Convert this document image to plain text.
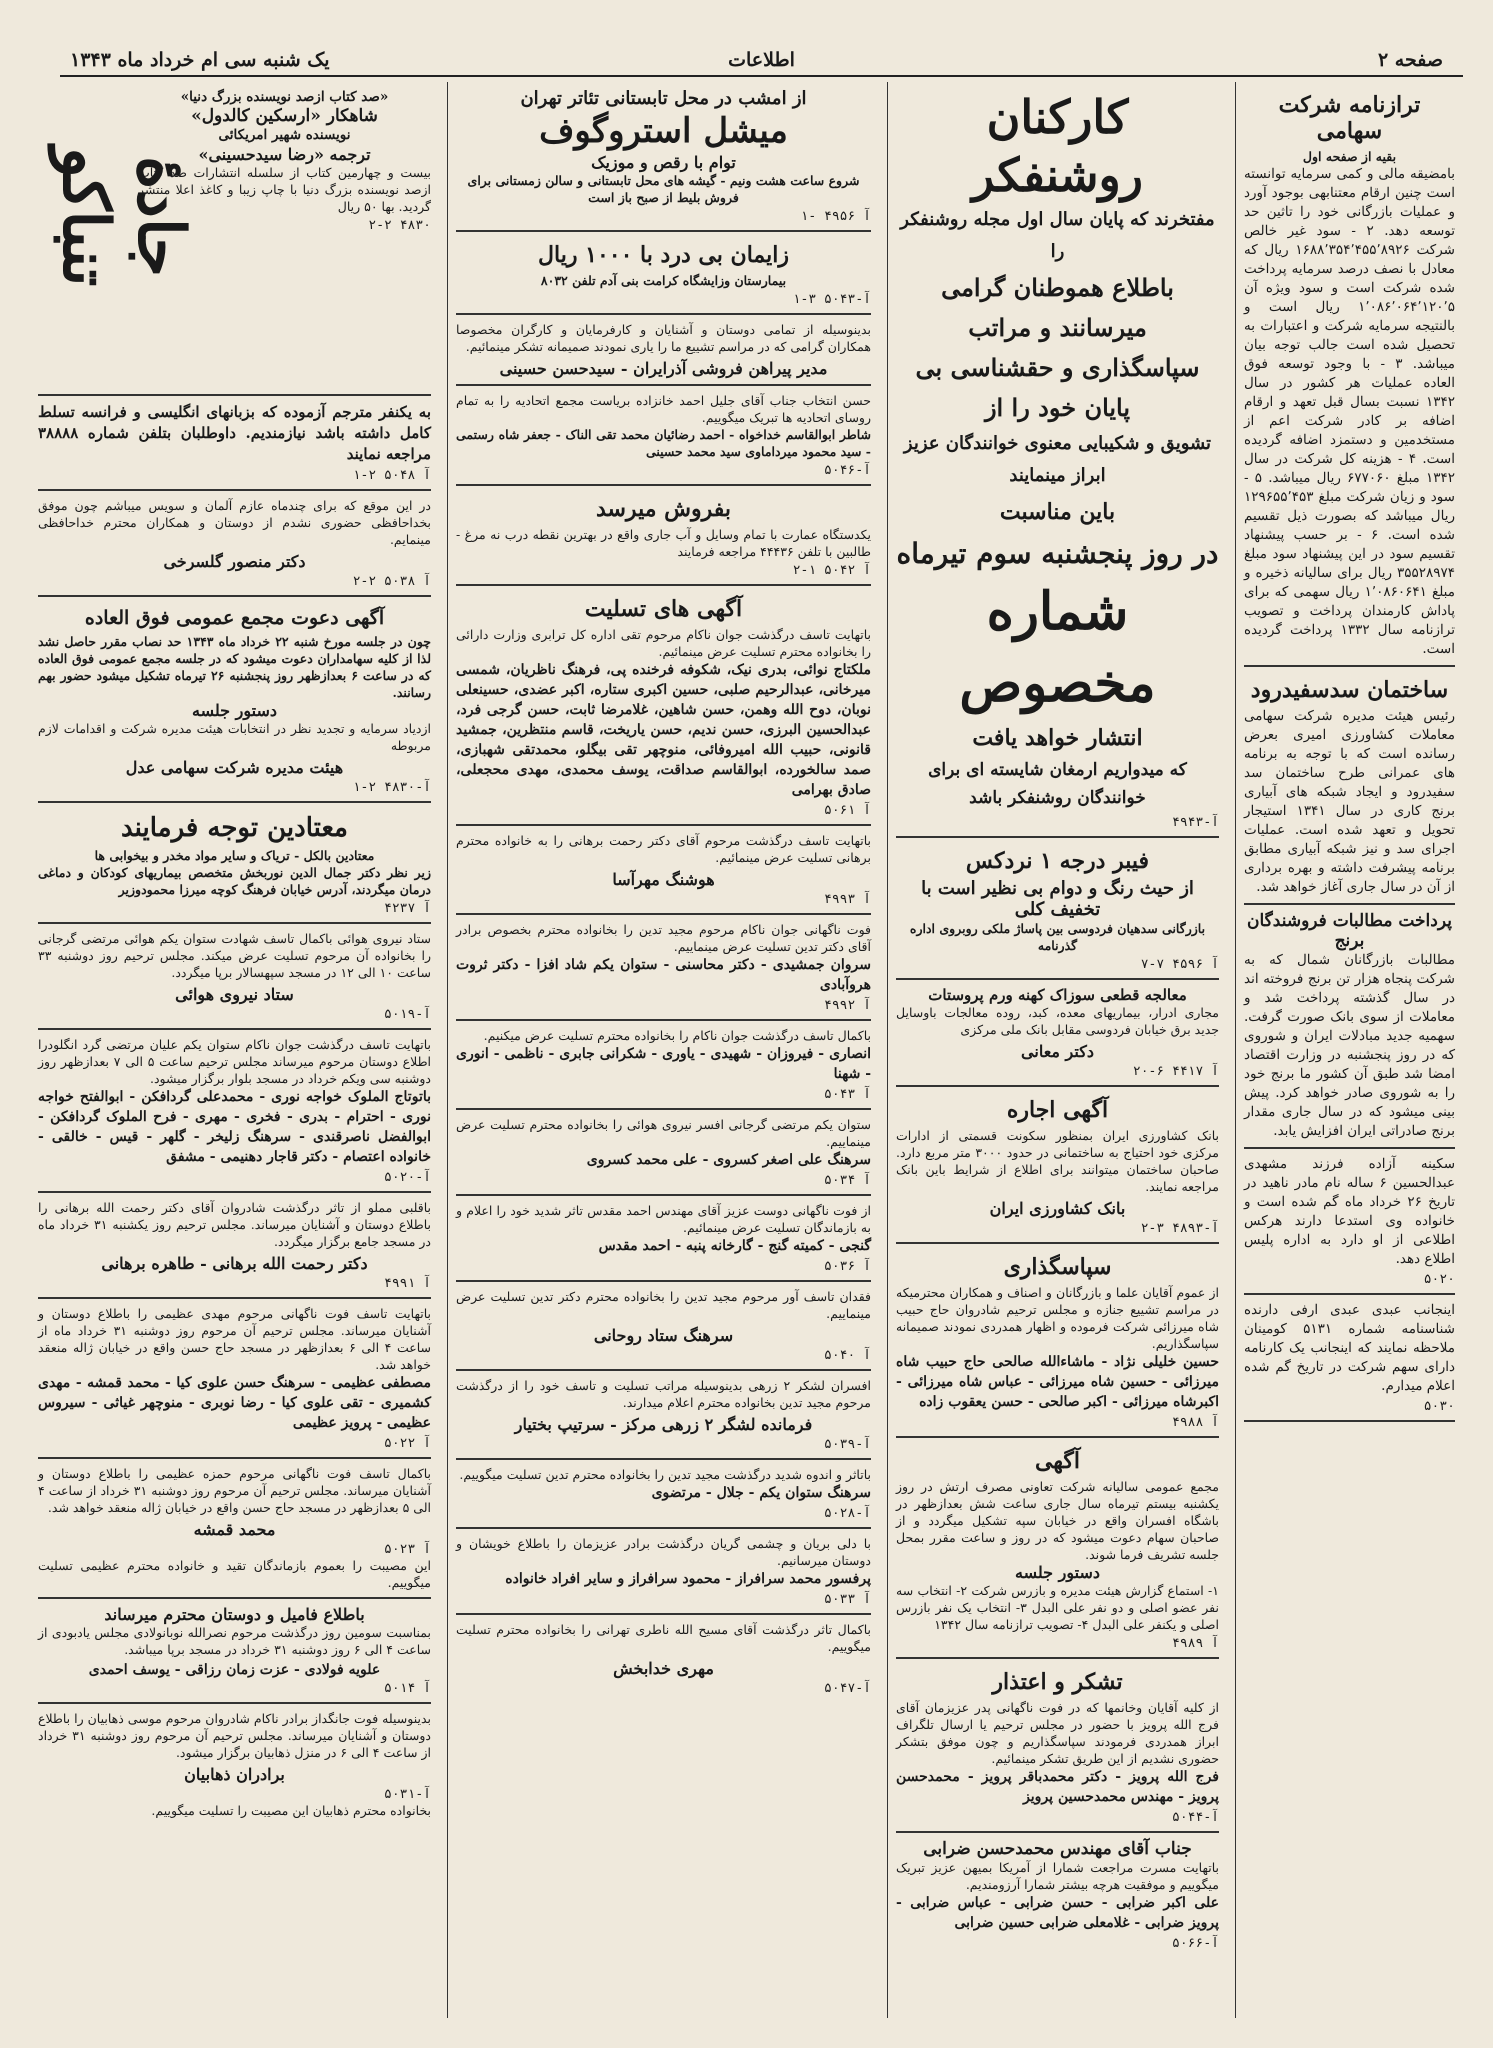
صفحه ۲
اطلاعات
یک شنبه سی ام خرداد ماه ۱۳۴۳
ترازنامه شرکت سهامی
بقیه از صفحه اول
بامضیقه مالی و کمی سرمایه توانسته است چنین ارقام معتنابهی بوجود آورد و عملیات بازرگانی خود را تاثین حد توسعه دهد. ۲ - سود غیر خالص شرکت ۱۶۸۸٬۳۵۴٬۴۵۵٬۸۹۲۶ ریال که معادل با نصف درصد سرمایه پرداخت شده شرکت است و سود ویژه آن ۱٬۰۸۶٬۰۶۴٬۱۲۰٬۵ ریال است و بالنتیجه سرمایه شرکت و اعتبارات به تحصیل شده است جالب توجه بیان میباشد. ۳ - با وجود توسعه فوق العاده عملیات هر کشور در سال ۱۳۴۲ نسبت بسال قبل تعهد و ارقام اضافه بر کادر شرکت اعم از مستخدمین و دستمزد اضافه گردیده است. ۴ - هزینه کل شرکت در سال ۱۳۴۲ مبلغ ۶۷۷۰۶۰ ریال میباشد. ۵ - سود و زیان شرکت مبلغ ۱۲۹۶۵۵٬۴۵۳ ریال میباشد که بصورت ذیل تقسیم شده است. ۶ - بر حسب پیشنهاد تقسیم سود در این پیشنهاد سود مبلغ ۳۵۵۲۸۹۷۴ ریال برای سالیانه ذخیره و مبلغ ۱٬۰۸۶۰۶۴۱ ریال سهمی که برای پاداش کارمندان پرداخت و تصویب ترازنامه سال ۱۳۳۲ پرداخت گردیده است.
ساختمان سدسفیدرود
رئیس هیئت مدیره شرکت سهامی معاملات کشاورزی امیری بعرض رسانده است که با توجه به برنامه های عمرانی طرح ساختمان سد سفیدرود و ایجاد شبکه های آبیاری برنج کاری در سال ۱۳۴۱ استیجار تحویل و تعهد شده است. عملیات اجرای سد و نیز شبکه آبیاری مطابق برنامه پیشرفت داشته و بهره برداری از آن در سال جاری آغاز خواهد شد.
پرداخت مطالبات فروشندگان برنج
مطالبات بازرگانان شمال که به شرکت پنجاه هزار تن برنج فروخته اند در سال گذشته پرداخت شد و معاملات از سوی بانک صورت گرفت. سهمیه جدید مبادلات ایران و شوروی که در روز پنجشنبه در وزارت اقتصاد امضا شد طبق آن کشور ما برنج خود را به شوروی صادر خواهد کرد. پیش بینی میشود که در سال جاری مقدار برنج صادراتی ایران افزایش یابد.
سکینه آزاده فرزند مشهدی عبدالحسین ۶ ساله نام مادر ناهید در تاریخ ۲۶ خرداد ماه گم شده است و خانواده وی استدعا دارند هرکس اطلاعی از او دارد به اداره پلیس اطلاع دهد.
۵۰۲۰
اینجانب عبدی عبدی ارفی دارنده شناسنامه شماره ۵۱۳۱ کومینان ملاحظه نمایند که اینجانب یک کارنامه دارای سهم شرکت در تاریخ گم شده اعلام میدارم.
۵۰۳۰
کارکنان روشنفکر
مفتخرند که پایان سال اول مجله روشنفکر را
باطلاع هموطنان گرامی میرسانند و مراتب
سپاسگذاری و حقشناسی بی پایان خود را از
تشویق و شکیبایی معنوی خوانندگان عزیز ابراز مینمایند
باین مناسبت
در روز پنجشنبه سوم تیرماه
شماره مخصوص
انتشار خواهد یافت
که میدواریم ارمغان شایسته ای برای خوانندگان روشنفکر باشد
آ-۴۹۴۳
فیبر درجه ۱ نردکس
از حیث رنگ و دوام بی نظیر است با تخفیف کلی
بازرگانی سدهیان فردوسی بین پاساژ ملکی روبروی اداره گذرنامه
آ ۴۵۹۶ ۷-۷
معالجه قطعی سوزاک کهنه ورم پروستات
مجاری ادرار، بیماریهای معده، کبد، روده معالجات باوسایل جدید برق خیابان فردوسی مقابل بانک ملی مرکزی
دکتر معانی
آ ۴۴۱۷ ۶-۲۰
آگهی اجاره
بانک کشاورزی ایران بمنظور سکونت قسمتی از ادارات مرکزی خود احتیاج به ساختمانی در حدود ۳۰۰۰ متر مربع دارد. صاحبان ساختمان میتوانند برای اطلاع از شرایط باین بانک مراجعه نمایند.
بانک کشاورزی ایران
آ-۴۸۹۳ ۳-۲
سپاسگذاری
از عموم آقایان علما و بازرگانان و اصناف و همکاران محترمیکه در مراسم تشییع جنازه و مجلس ترحیم شادروان حاج حبیب شاه میرزائی شرکت فرموده و اظهار همدردی نمودند صمیمانه سپاسگذاریم.
حسین خلیلی نژاد - ماشاءالله صالحی حاج حبیب شاه میرزائی - حسین شاه میرزائی - عباس شاه میرزائی - اکبرشاه میرزائی - اکبر صالحی - حسن یعقوب زاده
آ ۴۹۸۸
آگهی
مجمع عمومی سالیانه شرکت تعاونی مصرف ارتش در روز یکشنبه بیستم تیرماه سال جاری ساعت شش بعدازظهر در باشگاه افسران واقع در خیابان سپه تشکیل میگردد و از صاحبان سهام دعوت میشود که در روز و ساعت مقرر بمحل جلسه تشریف فرما شوند.
دستور جلسه
۱- استماع گزارش هیئت مدیره و بازرس شرکت ۲- انتخاب سه نفر عضو اصلی و دو نفر علی البدل ۳- انتخاب یک نفر بازرس اصلی و یکنفر علی البدل ۴- تصویب ترازنامه سال ۱۳۴۲
آ ۴۹۸۹
تشکر و اعتذار
از کلیه آقایان وخانمها که در فوت ناگهانی پدر عزیزمان آقای فرج الله پرویز با حضور در مجلس ترحیم یا ارسال تلگراف ابراز همدردی فرمودند سپاسگذاریم و چون موفق بتشکر حضوری نشدیم از این طریق تشکر مینمائیم.
فرج الله پرویز - دکتر محمدباقر پرویز - محمدحسن پرویز - مهندس محمدحسین پرویز
آ-۵۰۴۴
جناب آقای مهندس محمدحسن ضرابی
باتهایت مسرت مراجعت شمارا از آمریکا بمیهن عزیز تبریک میگوییم و موفقیت هرچه بیشتر شمارا آرزومندیم.
علی اکبر ضرابی - حسن ضرابی - عباس ضرابی - پرویز ضرابی - غلامعلی ضرابی حسین ضرابی
آ-۵۰۶۶
از امشب در محل تابستانی تئاتر تهران
میشل استروگوف
توام با رقص و موزیک
شروع ساعت هشت ونیم - گیشه های محل تابستانی و سالن زمستانی برای فروش بلیط از صبح باز است
آ ۴۹۵۶ -۱
زایمان بی درد با ۱۰۰۰ ریال
بیمارستان وزایشگاه کرامت بنی آدم تلفن ۸۰۳۲
آ-۵۰۴۳ ۳-۱
بدینوسیله از تمامی دوستان و آشنایان و کارفرمایان و کارگران مخصوصا همکاران گرامی که در مراسم تشییع ما را یاری نمودند صمیمانه تشکر مینمائیم.
مدیر پیراهن فروشی آذرایران - سیدحسن حسینی
حسن انتخاب جناب آقای جلیل احمد خانزاده بریاست مجمع اتحادیه را به تمام روسای اتحادیه ها تبریک میگوییم.
شاطر ابوالقاسم خداخواه - احمد رضائیان محمد تقی الناک - جعفر شاه رستمی - سید محمود میرداماوی سید محمد حسینی
آ-۵۰۴۶
بفروش میرسد
یکدستگاه عمارت با تمام وسایل و آب جاری واقع در بهترین نقطه درب نه مرغ - طالبین با تلفن ۴۴۴۳۶ مراجعه فرمایند
آ ۵۰۴۲ ۱-۲
آگهی های تسلیت
باتهایت تاسف درگذشت جوان ناکام مرحوم تقی اداره کل ترابری وزارت دارائی را بخانواده محترم تسلیت عرض مینمائیم.
ملکتاج نوائی، بدری نیک، شکوفه فرخنده پی، فرهنگ ناظریان، شمسی میرخانی، عبدالرحیم صلبی، حسین اکبری ستاره، اکبر عضدی، حسینعلی نوبان، دوح الله وهمن، حسن شاهین، غلامرضا ثابت، حسن گرجی فرد، عبدالحسین البرزی، حسن ندیم، حسن یاریخت، قاسم منتظرین، جمشید قانونی، حبیب الله امیروفائی، منوچهر تقی بیگلو، محمدتقی شهبازی، صمد سالخورده، ابوالقاسم صداقت، یوسف محمدی، مهدی محجعلی، صادق بهرامی
آ ۵۰۶۱
باتهایت تاسف درگذشت مرحوم آقای دکتر رحمت برهانی را به خانواده محترم برهانی تسلیت عرض مینمائیم.
هوشنگ مهرآسا
آ ۴۹۹۳
فوت ناگهانی جوان ناکام مرحوم مجید تدین را بخانواده محترم بخصوص برادر آقای دکتر تدین تسلیت عرض مینماییم.
سروان جمشیدی - دکتر محاسنی - ستوان یکم شاد افزا - دکتر ثروت هروآبادی
آ ۴۹۹۲
باکمال تاسف درگذشت جوان ناکام را بخانواده محترم تسلیت عرض میکنیم.
انصاری - فیروزان - شهیدی - یاوری - شکرانی جابری - ناظمی - انوری - شهنا
آ ۵۰۴۳
ستوان یکم مرتضی گرجانی افسر نیروی هوائی را بخانواده محترم تسلیت عرض مینماییم.
سرهنگ علی اصغر کسروی - علی محمد کسروی
آ ۵۰۳۴
از فوت ناگهانی دوست عزیز آقای مهندس احمد مقدس تاثر شدید خود را اعلام و به بازماندگان تسلیت عرض مینمائیم.
گنجی - کمیته گنج - گارخانه پنبه - احمد مقدس
آ ۵۰۳۶
فقدان تاسف آور مرحوم مجید تدین را بخانواده محترم دکتر تدین تسلیت عرض مینماییم.
سرهنگ ستاد روحانی
آ ۵۰۴۰
افسران لشکر ۲ زرهی بدینوسیله مراتب تسلیت و تاسف خود را از درگذشت مرحوم مجید تدین بخانواده محترم اعلام میدارند.
فرمانده لشگر ۲ زرهی مرکز - سرتیپ بختیار
آ-۵۰۳۹
باتاثر و اندوه شدید درگذشت مجید تدین را بخانواده محترم تدین تسلیت میگوییم.
سرهنگ ستوان یکم - جلال - مرتضوی
آ-۵۰۲۸
با دلی بریان و چشمی گریان درگذشت برادر عزیزمان را باطلاع خویشان و دوستان میرسانیم.
پرفسور محمد سرافراز - محمود سرافراز و سایر افراد خانواده
آ ۵۰۳۳
باکمال تاثر درگذشت آقای مسیح الله ناطری تهرانی را بخانواده محترم تسلیت میگوییم.
مهری خدابخش
آ-۵۰۴۷
جادهٔ تنباکو
«صد کتاب ازصد نویسنده بزرگ دنیا»
شاهکار «ارسکین کالدول»
نویسنده شهیر امریکائی
ترجمه «رضا سیدحسینی»
بیست و چهارمین کتاب از سلسله انتشارات صد کتاب ازصد نویسنده بزرگ دنیا با چاپ زیبا و کاغذ اعلا منتشر گردید. بها ۵۰ ریال
۴۸۳۰ ۲-۲
به یکنفر مترجم آزموده که بزبانهای انگلیسی و فرانسه تسلط کامل داشته باشد نیازمندیم. داوطلبان بتلفن شماره ۳۸۸۸۸ مراجعه نمایند
آ ۵۰۴۸ ۲-۱
در این موقع که برای چندماه عازم آلمان و سویس میباشم چون موفق بخداحافظی حضوری نشدم از دوستان و همکاران محترم خداحافظی مینمایم.
دکتر منصور گلسرخی
آ ۵۰۳۸ ۲-۲
آگهی دعوت مجمع عمومی فوق العاده
چون در جلسه مورخ شنبه ۲۲ خرداد ماه ۱۳۴۳ حد نصاب مقرر حاصل نشد لذا از کلیه سهامداران دعوت میشود که در جلسه مجمع عمومی فوق العاده که در ساعت ۶ بعدازظهر روز پنجشنبه ۲۶ تیرماه تشکیل میشود حضور بهم رسانند.
دستور جلسه
ازدیاد سرمایه و تجدید نظر در انتخابات هیئت مدیره شرکت و اقدامات لازم مربوطه
هیئت مدیره شرکت سهامی عدل
آ-۴۸۳۰ ۲-۱
معتادین توجه فرمایند
معتادین بالکل - تریاک و سایر مواد مخدر و بیخوابی ها
زیر نظر دکتر جمال الدین نوربخش متخصص بیماریهای کودکان و دماغی درمان میگردند، آدرس خیابان فرهنگ کوچه میرزا محمودوزیر
آ ۴۲۳۷
ستاد نیروی هوائی باکمال تاسف شهادت ستوان یکم هوائی مرتضی گرجانی را بخانواده آن مرحوم تسلیت عرض میکند. مجلس ترحیم روز دوشنبه ۳۳ ساعت ۱۰ الی ۱۲ در مسجد سپهسالار برپا میگردد.
ستاد نیروی هوائی
آ-۵۰۱۹
باتهایت تاسف درگذشت جوان ناکام ستوان یکم علیان مرتضی گرد انگلودرا اطلاع دوستان مرحوم میرساند مجلس ترحیم ساعت ۵ الی ۷ بعدازظهر روز دوشنبه سی ویکم خرداد در مسجد بلوار برگزار میشود.
باتوتاج الملوک خواجه نوری - محمدعلی گردافکن - ابوالفتح خواجه نوری - احترام - بدری - فخری - مهری - فرح الملوک گردافکن - ابوالفضل ناصرقندی - سرهنگ زلیخر - گلهر - قیس - خالقی - خانواده اعتصام - دکتر قاجار دهنیمی - مشفق
آ-۵۰۲۰
باقلبی مملو از تاثر درگذشت شادروان آقای دکتر رحمت الله برهانی را باطلاع دوستان و آشنایان میرساند. مجلس ترحیم روز یکشنبه ۳۱ خرداد ماه در مسجد جامع برگزار میگردد.
دکتر رحمت الله برهانی - طاهره برهانی
آ ۴۹۹۱
باتهایت تاسف فوت ناگهانی مرحوم مهدی عظیمی را باطلاع دوستان و آشنایان میرساند. مجلس ترحیم آن مرحوم روز دوشنبه ۳۱ خرداد ماه از ساعت ۴ الی ۶ بعدازظهر در مسجد حاج حسن واقع در خیابان ژاله منعقد خواهد شد.
مصطفی عظیمی - سرهنگ حسن علوی کیا - محمد قمشه - مهدی کشمیری - تقی علوی کیا - رضا نوبری - منوچهر غیاثی - سیروس عظیمی - پرویز عظیمی
آ ۵۰۲۲
باکمال تاسف فوت ناگهانی مرحوم حمزه عظیمی را باطلاع دوستان و آشنایان میرساند. مجلس ترحیم آن مرحوم روز دوشنبه ۳۱ خرداد از ساعت ۴ الی ۵ بعدازظهر در مسجد حاج حسن واقع در خیابان ژاله منعقد خواهد شد.
محمد قمشه
آ ۵۰۲۳
این مصیبت را بعموم بازماندگان تقید و خانواده محترم عظیمی تسلیت میگوییم.
باطلاع فامیل و دوستان محترم میرساند
بمناسبت سومین روز درگذشت مرحوم نصرالله نوبانولادی مجلس یادبودی از ساعت ۴ الی ۶ روز دوشنبه ۳۱ خرداد در مسجد برپا میباشد.
علویه فولادی - عزت زمان رزاقی - یوسف احمدی
آ ۵۰۱۴
بدینوسیله فوت جانگداز برادر ناکام شادروان مرحوم موسی ذهابیان را باطلاع دوستان و آشنایان میرساند. مجلس ترحیم آن مرحوم روز دوشنبه ۳۱ خرداد از ساعت ۴ الی ۶ در منزل ذهابیان برگزار میشود.
برادران ذهابیان
آ-۵۰۳۱
بخانواده محترم ذهابیان این مصیبت را تسلیت میگوییم.
